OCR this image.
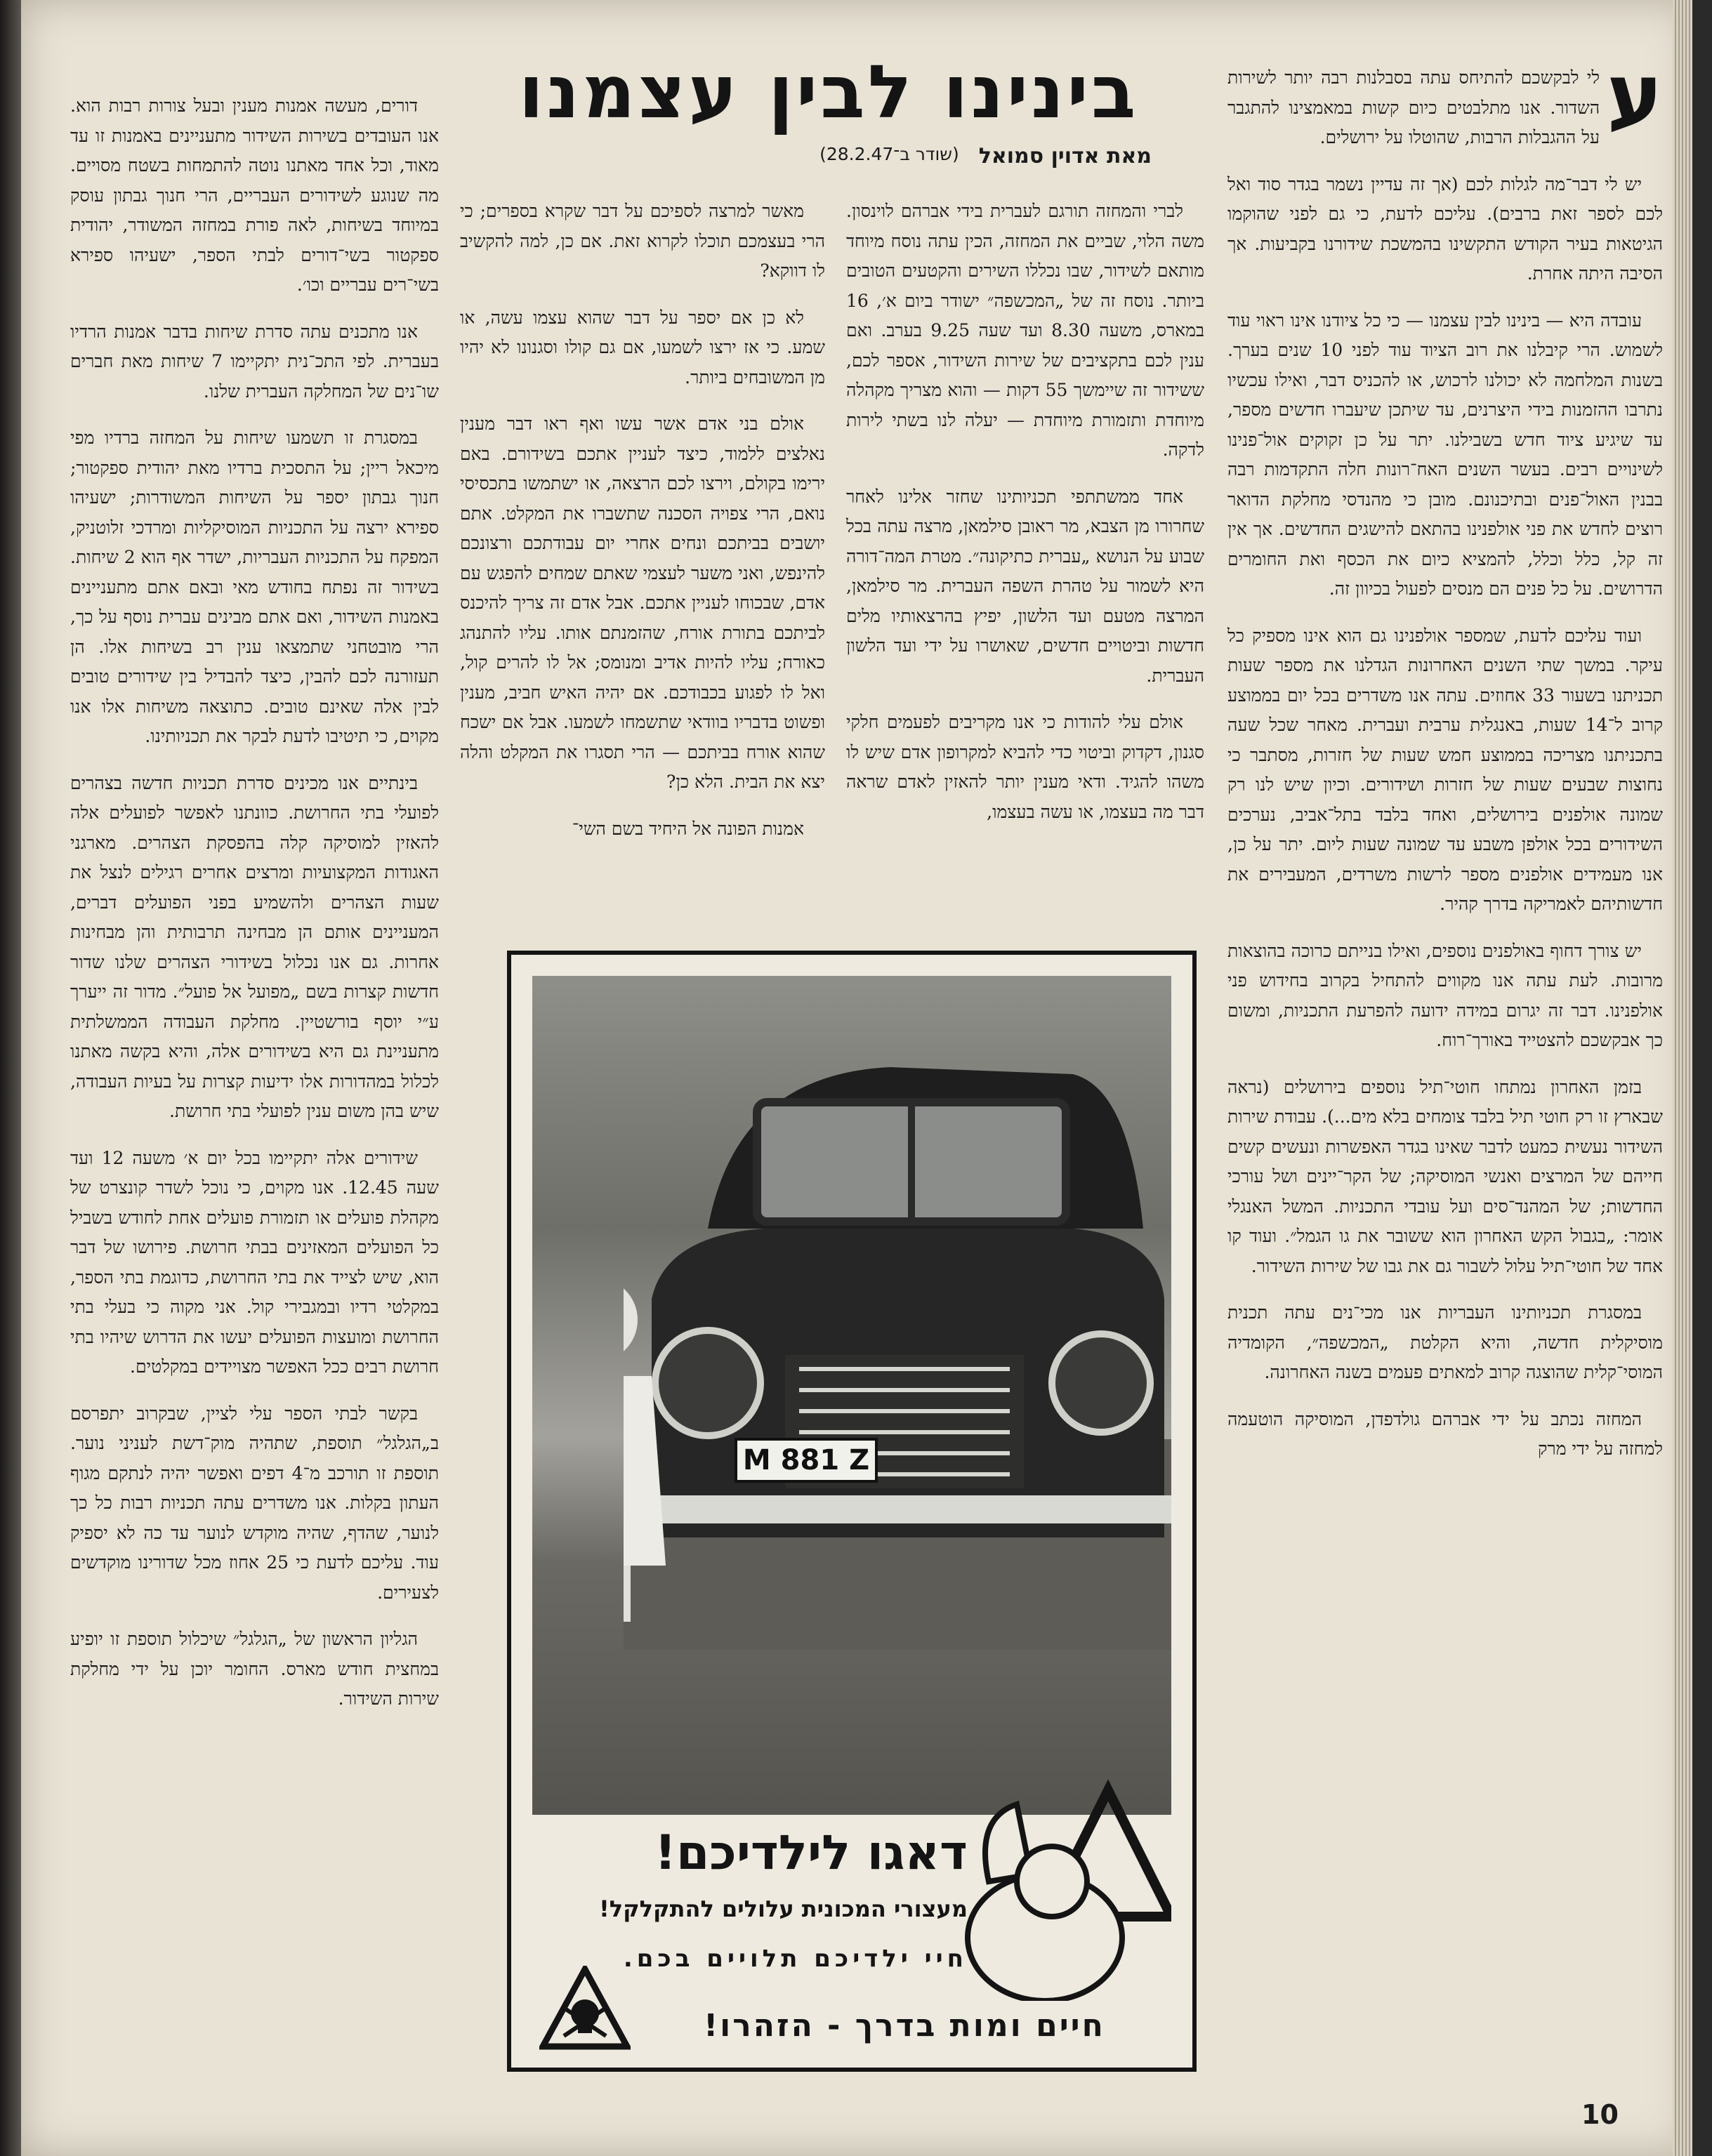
בינינו לבין עצמנו
מאת אדוין סמואל
(שודר ב־28.2.47)

ע
לי לבקשכם להתיחס עתה בסבלנות רבה יותר לשירות השדור. אנו מתלבטים כיום קשות במאמצינו להתגבר על ההגבלות הרבות, שהוטלו על ירושלים.

יש לי דבר־מה לגלות לכם (אך זה עדיין נשמר בגדר סוד ואל לכם לספר זאת ברבים). עליכם לדעת, כי גם לפני שהוקמו הגיטאות בעיר הקודש התקשינו בהמשכת שידורנו בקביעות. אך הסיבה היתה אחרת.

עובדה היא — בינינו לבין עצמנו — כי כל ציודנו אינו ראוי עוד לשמוש. הרי קיבלנו את רוב הציוד עוד לפני 10 שנים בערך. בשנות המלחמה לא יכולנו לרכוש, או להכניס דבר, ואילו עכשיו נתרבו ההזמנות בידי היצרנים, עד שיתכן שיעברו חדשים מספר, עד שיגיע ציוד חדש בשבילנו. יתר על כן זקוקים אול־פנינו לשינויים רבים. בעשר השנים האח־רונות חלה התקדמות רבה בבנין האול־פנים ובתיכנונם. מובן כי מהנדסי מחלקת הדואר רוצים לחדש את פני אולפנינו בהתאם להישגים החדשים. אך אין זה קל, כלל וכלל, להמציא כיום את הכסף ואת החומרים הדרושים. על כל פנים הם מנסים לפעול בכיוון זה.

ועוד עליכם לדעת, שמספר אולפנינו גם הוא אינו מספיק כל עיקר. במשך שתי השנים האחרונות הגדלנו את מספר שעות תכניתנו בשעור 33 אחוזים. עתה אנו משדרים בכל יום בממוצע קרוב ל־14 שעות, באנגלית ערבית ועברית. מאחר שכל שעה בתכניתנו מצריכה בממוצע חמש שעות של חזרות, מסתבר כי נחוצות שבעים שעות של חזרות ושידורים. וכיון שיש לנו רק שמונה אולפנים בירושלים, ואחד בלבד בתל־אביב, נערכים השידורים בכל אולפן משבע עד שמונה שעות ליום. יתר על כן, אנו מעמידים אולפנים מספר לרשות משרדים, המעבירים את חדשותיהם לאמריקה בדרך קהיר.

יש צורך דחוף באולפנים נוספים, ואילו בנייתם כרוכה בהוצאות מרובות. לעת עתה אנו מקווים להתחיל בקרוב בחידוש פני אולפנינו. דבר זה יגרום במידה ידועה להפרעת התכניות, ומשום כך אבקשכם להצטייד באורך־רוח.

בזמן האחרון נמתחו חוטי־תיל נוספים בירושלים (נראה שבארץ זו רק חוטי תיל בלבד צומחים בלא מים...). עבודת שירות השידור נעשית כמעט לדבר שאינו בגדר האפשרות ונעשים קשים חייהם של המרצים ואנשי המוסיקה; של הקר־יינים ושל עורכי החדשות; של המהנד־סים ועל עובדי התכניות. המשל האנגלי אומר: „בגבול הקש האחרון הוא ששובר את גו הגמל״. ועוד קו אחד של חוטי־תיל עלול לשבור גם את גבו של שירות השידור.

במסגרת תכניותינו העבריות אנו מכי־נים עתה תכנית מוסיקלית חדשה, והיא הקלטת „המכשפה״, הקומדיה המוסי־קלית שהוצגה קרוב למאתים פעמים בשנה האחרונה.

המחזה נכתב על ידי אברהם גולדפדן, המוסיקה הוטעמה למחזה על ידי מרק

לברי והמחזה תורגם לעברית בידי אברהם לוינסון. משה הלוי, שביים את המחזה, הכין עתה נוסח מיוחד מותאם לשידור, שבו נכללו השירים והקטעים הטובים ביותר. נוסח זה של „המכשפה״ ישודר ביום א׳, 16 במארס, משעה 8.30 ועד שעה 9.25 בערב. ואם ענין לכם בתקציבים של שירות השידור, אספר לכם, ששידור זה שיימשך 55 דקות — והוא מצריך מקהלה מיוחדת ותזמורת מיוחדת — יעלה לנו בשתי לירות לדקה.

אחד ממשתתפי תכניותינו שחזר אלינו לאחר שחרורו מן הצבא, מר ראובן סילמאן, מרצה עתה בכל שבוע על הנושא „עברית כתיקונה״. מטרת המה־דורה היא לשמור על טהרת השפה העברית. מר סילמאן, המרצה מטעם ועד הלשון, יפיץ בהרצאותיו מלים חדשות וביטויים חדשים, שאושרו על ידי ועד הלשון העברית.

אולם עלי להודות כי אנו מקריבים לפעמים חלקי סגנון, דקדוק וביטוי כדי להביא למקרופון אדם שיש לו משהו להגיד. ודאי מענין יותר להאזין לאדם שראה דבר מה בעצמו, או עשה בעצמו,

מאשר למרצה לספיכם על דבר שקרא בספרים; כי הרי בעצמכם תוכלו לקרוא זאת. אם כן, למה להקשיב לו דווקא?

לא כן אם יספר על דבר שהוא עצמו עשה, או שמע. כי אז ירצו לשמעו, אם גם קולו וסגנונו לא יהיו מן המשובחים ביותר.

אולם בני אדם אשר עשו ואף ראו דבר מענין נאלצים ללמוד, כיצד לעניין אתכם בשידורם. באם ירימו בקולם, וירצו לכם הרצאה, או ישתמשו בתכסיסי נואם, הרי צפויה הסכנה שתשברו את המקלט. אתם יושבים בביתכם ונחים אחרי יום עבודתכם ורצונכם להינפש, ואני משער לעצמי שאתם שמחים להפגש עם אדם, שבכוחו לעניין אתכם. אבל אדם זה צריך להיכנס לביתכם בתורת אורח, שהזמנתם אותו. עליו להתנהג כאורח; עליו להיות אדיב ומנומס; אל לו להרים קול, ואל לו לפגוע בכבודכם. אם יהיה האיש חביב, מענין ופשוט בדבריו בוודאי שתשמחו לשמעו. אבל אם ישכח שהוא אורח בביתכם — הרי תסגרו את המקלט והלה יצא את הבית. הלא כן?

אמנות הפונה אל היחיד בשם השי־

דורים, מעשה אמנות מענין ובעל צורות רבות הוא. אנו העובדים בשירות השידור מתעניינים באמנות זו עד מאוד, וכל אחד מאתנו נוטה להתמחות בשטח מסויים. מה שנוגע לשידורים העבריים, הרי חנוך גבתון עוסק במיוחד בשיחות, לאה פורת במחזה המשודר, יהודית ספקטור בשי־דורים לבתי הספר, ישעיהו ספירא בשי־רים עבריים וכו׳.

אנו מתכנים עתה סדרת שיחות בדבר אמנות הרדיו בעברית. לפי התכ־נית יתקיימו 7 שיחות מאת חברים שו־נים של המחלקה העברית שלנו.

במסגרת זו תשמעו שיחות על המחזה ברדיו מפי מיכאל ריין; על התסכית ברדיו מאת יהודית ספקטור; חנוך גבתון יספר על השיחות המשודרות; ישעיהו ספירא ירצה על התכניות המוסיקליות ומרדכי זלוטניק, המפקח על התכניות העבריות, ישדר אף הוא 2 שיחות. בשידור זה נפתח בחודש מאי ובאם אתם מתעניינים באמנות השידור, ואם אתם מבינים עברית נוסף על כך, הרי מובטחני שתמצאו ענין רב בשיחות אלו. הן תעזורנה לכם להבין, כיצד להבדיל בין שידורים טובים לבין אלה שאינם טובים. כתוצאה משיחות אלו אנו מקוים, כי תיטיבו לדעת לבקר את תכניותינו.

בינתיים אנו מכינים סדרת תכניות חדשה בצהרים לפועלי בתי החרושת. כוונתנו לאפשר לפועלים אלה להאזין למוסיקה קלה בהפסקת הצהרים. מארגני האגודות המקצועיות ומרצים אחרים רגילים לנצל את שעות הצהרים ולהשמיע בפני הפועלים דברים, המעניינים אותם הן מבחינה תרבותית והן מבחינות אחרות. גם אנו נכלול בשידורי הצהרים שלנו שדור חדשות קצרות בשם „מפועל אל פועל״. מדור זה ייערך ע״י יוסף בורשטיין. מחלקת העבודה הממשלתית מתעניינת גם היא בשידורים אלה, והיא בקשה מאתנו לכלול במהדורות אלו ידיעות קצרות על בעיות העבודה, שיש בהן משום ענין לפועלי בתי חרושת.

שידורים אלה יתקיימו בכל יום א׳ משעה 12 ועד שעה 12.45. אנו מקוים, כי נוכל לשדר קונצרט של מקהלת פועלים או תזמורת פועלים אחת לחודש בשביל כל הפועלים המאזינים בבתי חרושת. פירושו של דבר הוא, שיש לצייד את בתי החרושת, כדוגמת בתי הספר, במקלטי רדיו ובמגבירי קול. אני מקוה כי בעלי בתי החרושת ומועצות הפועלים יעשו את הדרוש שיהיו בתי חרושת רבים ככל האפשר מצויידים במקלטים.

בקשר לבתי הספר עלי לציין, שבקרוב יתפרסם ב„הגלגל״ תוספת, שתהיה מוק־דשת לעניני נוער. תוספת זו תורכב מ־4 דפים ואפשר יהיה לנתקם מגוף העתון בקלות. אנו משדרים עתה תכניות רבות כל כך לנוער, שהדף, שהיה מוקדש לנוער עד כה לא יספיק עוד. עליכם לדעת כי 25 אחוז מכל שדורינו מוקדשים לצעירים.

הגליון הראשון של „הגלגל״ שיכלול תוספת זו יופיע במחצית חודש מארס. החומר יוכן על ידי מחלקת שירות השידור.

M 881 Z
דאגו לילדיכם!
מעצורי המכונית עלולים להתקלקל!
חיי ילדיכם תלויים בכם.
חיים ומות בדרך - הזהרו!
10
